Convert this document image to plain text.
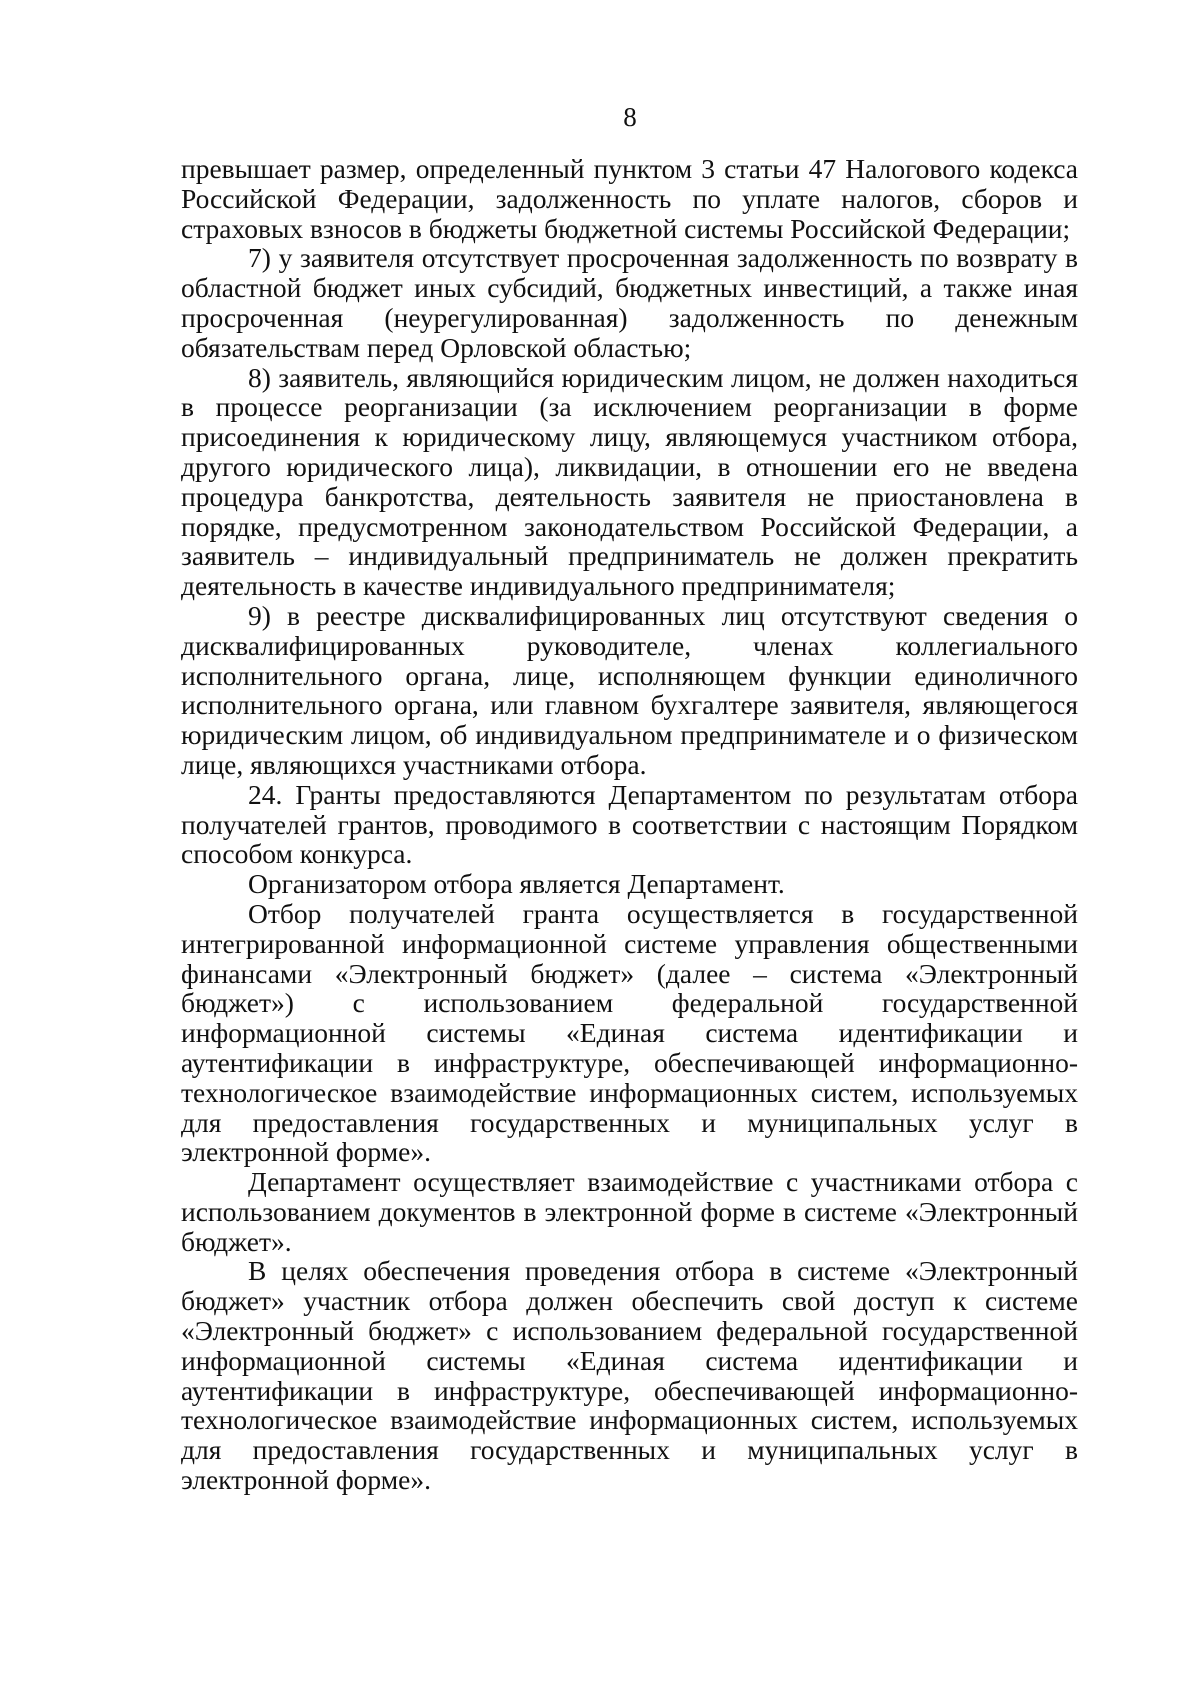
8

превышает размер, определенный пунктом 3 статьи 47 Налогового кодекса Российской Федерации, задолженность по уплате налогов, сборов и страховых взносов в бюджеты бюджетной системы Российской Федерации;

7) у заявителя отсутствует просроченная задолженность по возврату в областной бюджет иных субсидий, бюджетных инвестиций, а также иная просроченная (неурегулированная) задолженность по денежным обязательствам перед Орловской областью;

8) заявитель, являющийся юридическим лицом, не должен находиться в процессе реорганизации (за исключением реорганизации в форме присоединения к юридическому лицу, являющемуся участником отбора, другого юридического лица), ликвидации, в отношении его не введена процедура банкротства, деятельность заявителя не приостановлена в порядке, предусмотренном законодательством Российской Федерации, а заявитель – индивидуальный предприниматель не должен прекратить деятельность в качестве индивидуального предпринимателя;

9) в реестре дисквалифицированных лиц отсутствуют сведения о дисквалифицированных руководителе, членах коллегиального исполнительного органа, лице, исполняющем функции единоличного исполнительного органа, или главном бухгалтере заявителя, являющегося юридическим лицом, об индивидуальном предпринимателе и о физическом лице, являющихся участниками отбора.

24. Гранты предоставляются Департаментом по результатам отбора получателей грантов, проводимого в соответствии с настоящим Порядком способом конкурса.

Организатором отбора является Департамент.

Отбор получателей гранта осуществляется в государственной интегрированной информационной системе управления общественными финансами «Электронный бюджет» (далее – система «Электронный бюджет») с использованием федеральной государственной информационной системы «Единая система идентификации и аутентификации в инфраструктуре, обеспечивающей информационно-технологическое взаимодействие информационных систем, используемых для предоставления государственных и муниципальных услуг в электронной форме».

Департамент осуществляет взаимодействие с участниками отбора с использованием документов в электронной форме в системе «Электронный бюджет».

В целях обеспечения проведения отбора в системе «Электронный бюджет» участник отбора должен обеспечить свой доступ к системе «Электронный бюджет» с использованием федеральной государственной информационной системы «Единая система идентификации и аутентификации в инфраструктуре, обеспечивающей информационно-технологическое взаимодействие информационных систем, используемых для предоставления государственных и муниципальных услуг в электронной форме».
